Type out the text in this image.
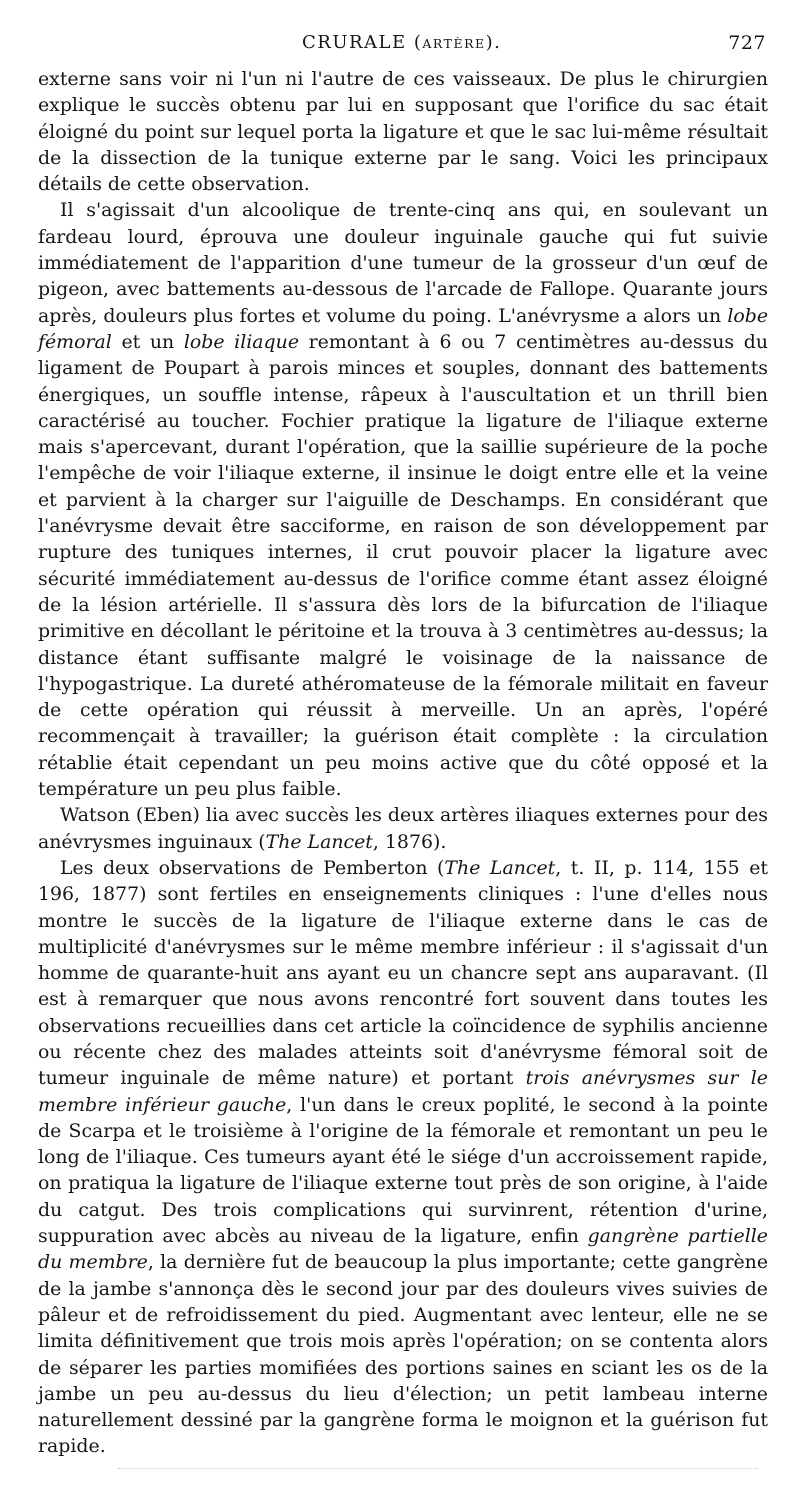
CRURALE (ARTÈRE).	727

externe sans voir ni l'un ni l'autre de ces vaisseaux. De plus le chirurgien explique le succès obtenu par lui en supposant que l'orifice du sac était éloigné du point sur lequel porta la ligature et que le sac lui-même résultait de la dissection de la tunique externe par le sang. Voici les principaux détails de cette observation.

Il s'agissait d'un alcoolique de trente-cinq ans qui, en soulevant un fardeau lourd, éprouva une douleur inguinale gauche qui fut suivie immédiatement de l'apparition d'une tumeur de la grosseur d'un œuf de pigeon, avec battements au-dessous de l'arcade de Fallope. Quarante jours après, douleurs plus fortes et volume du poing. L'anévrysme a alors un lobe fémoral et un lobe iliaque remontant à 6 ou 7 centimètres au-dessus du ligament de Poupart à parois minces et souples, donnant des battements énergiques, un souffle intense, râpeux à l'auscultation et un thrill bien caractérisé au toucher. Fochier pratique la ligature de l'iliaque externe mais s'apercevant, durant l'opération, que la saillie supérieure de la poche l'empêche de voir l'iliaque externe, il insinue le doigt entre elle et la veine et parvient à la charger sur l'aiguille de Deschamps. En considérant que l'anévrysme devait être sacciforme, en raison de son développement par rupture des tuniques internes, il crut pouvoir placer la ligature avec sécurité immédiatement au-dessus de l'orifice comme étant assez éloigné de la lésion artérielle. Il s'assura dès lors de la bifurcation de l'iliaque primitive en décollant le péritoine et la trouva à 3 centimètres au-dessus; la distance étant suffisante malgré le voisinage de la naissance de l'hypogastrique. La dureté athéromateuse de la fémorale militait en faveur de cette opération qui réussit à merveille. Un an après, l'opéré recommençait à travailler; la guérison était complète : la circulation rétablie était cependant un peu moins active que du côté opposé et la température un peu plus faible.

Watson (Eben) lia avec succès les deux artères iliaques externes pour des anévrysmes inguinaux (The Lancet, 1876).

Les deux observations de Pemberton (The Lancet, t. II, p. 114, 155 et 196, 1877) sont fertiles en enseignements cliniques : l'une d'elles nous montre le succès de la ligature de l'iliaque externe dans le cas de multiplicité d'anévrysmes sur le même membre inférieur : il s'agissait d'un homme de quarante-huit ans ayant eu un chancre sept ans auparavant. (Il est à remarquer que nous avons rencontré fort souvent dans toutes les observations recueillies dans cet article la coïncidence de syphilis ancienne ou récente chez des malades atteints soit d'anévrysme fémoral soit de tumeur inguinale de même nature) et portant trois anévrysmes sur le membre inférieur gauche, l'un dans le creux poplité, le second à la pointe de Scarpa et le troisième à l'origine de la fémorale et remontant un peu le long de l'iliaque. Ces tumeurs ayant été le siége d'un accroissement rapide, on pratiqua la ligature de l'iliaque externe tout près de son origine, à l'aide du catgut. Des trois complications qui survinrent, rétention d'urine, suppuration avec abcès au niveau de la ligature, enfin gangrène partielle du membre, la dernière fut de beaucoup la plus importante; cette gangrène de la jambe s'annonça dès le second jour par des douleurs vives suivies de pâleur et de refroidissement du pied. Augmentant avec lenteur, elle ne se limita définitivement que trois mois après l'opération; on se contenta alors de séparer les parties momifiées des portions saines en sciant les os de la jambe un peu au-dessus du lieu d'élection; un petit lambeau interne naturellement dessiné par la gangrène forma le moignon et la guérison fut rapide.
